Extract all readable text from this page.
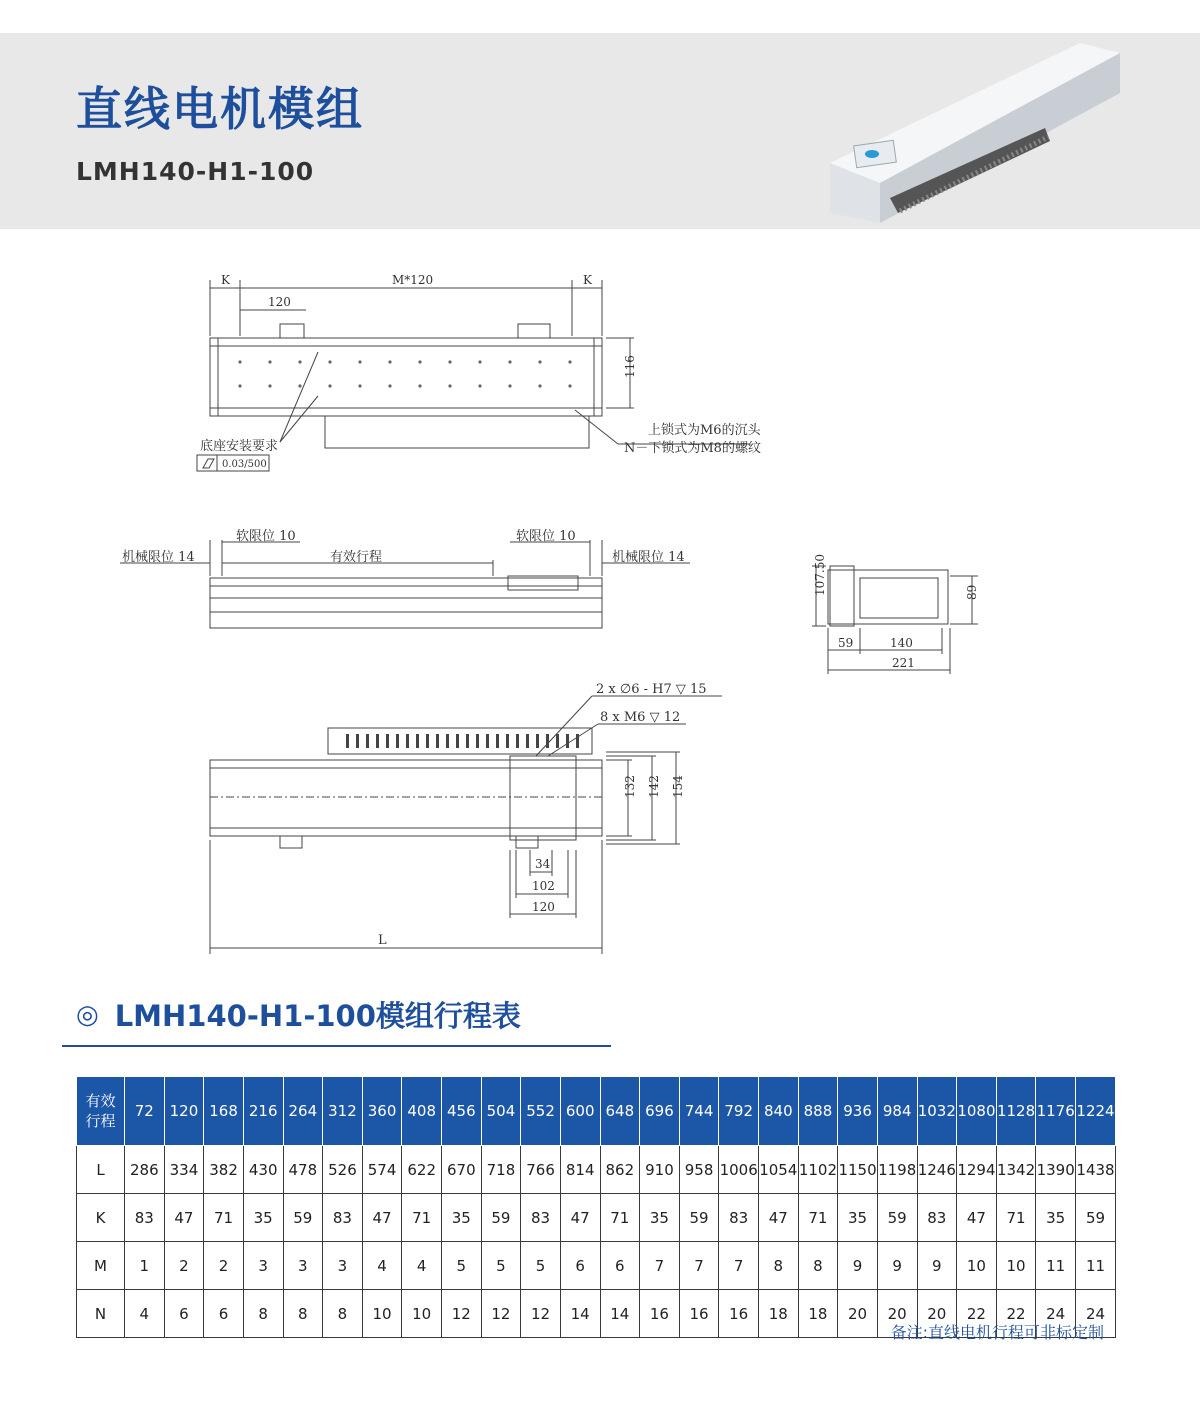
直线电机模组
LMH140-H1-100
K	M*120	K
120
116
底座安装要求
0.03/500
上锁式为M6的沉头
N－下锁式为M8的螺纹
软限位 10	软限位 10
机械限位 14	机械限位 14
有效行程	107.50	89
59	140
221
2 x ∅6 - H7 ▽ 15
8 x M6 ▽ 12
132 142 154
34
102
120
L
◎ LMH140-H1-100模组行程表
有效
行程	72	120	168	216	264	312	360	408	456	504	552	600	648	696	744	792	840	888	936	984	1032	1080	1128	1176	1224
L	286	334	382	430	478	526	574	622	670	718	766	814	862	910	958	1006	1054	1102	1150	1198	1246	1294	1342	1390	1438
K	83	47	71	35	59	83	47	71	35	59	83	47	71	35	59	83	47	71	35	59	83	47	71	35	59
M	1	2	2	3	3	3	4	4	5	5	5	6	6	7	7	7	8	8	9	9	9	10	10	11	11
N	4	6	6	8	8	8	10	10	12	12	12	14	14	16	16	16	18	18	20	20	20	22	22	24	24
备注:直线电机行程可非标定制
